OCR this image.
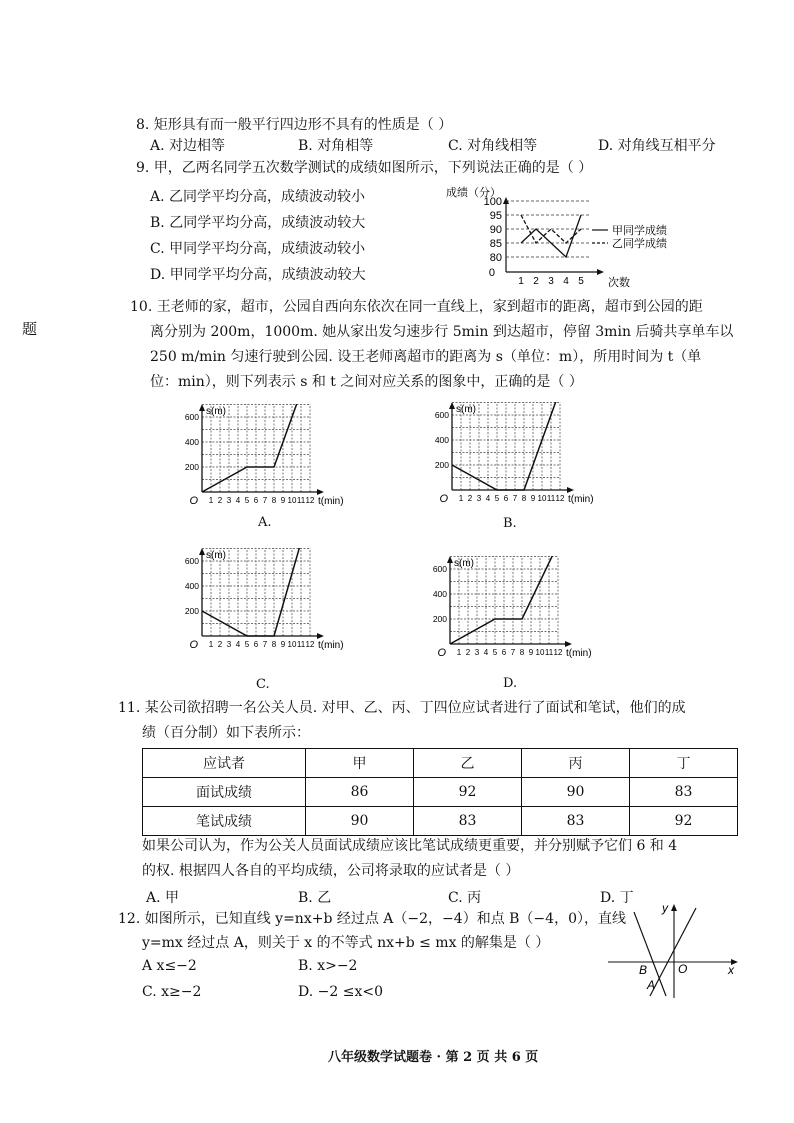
题
8. 矩形具有而一般平行四边形不具有的性质是（ ）
A. 对边相等	B. 对角相等	C. 对角线相等	D. 对角线互相平分
9. 甲，乙两名同学五次数学测试的成绩如图所示，下列说法正确的是（ ）
A. 乙同学平均分高，成绩波动较小
B. 乙同学平均分高，成绩波动较大
C. 甲同学平均分高，成绩波动较小
D. 甲同学平均分高，成绩波动较大
成绩（分）
0
次数
100
95
90
85
80
1 2 3 4 5
甲同学成绩
乙同学成绩
10. 王老师的家，超市，公园自西向东依次在同一直线上，家到超市的距离，超市到公园的距
离分别为 200m，1000m. 她从家出发匀速步行 5min 到达超市，停留 3min 后骑共享单车以
250 m/min 匀速行驶到公园. 设王老师离超市的距离为 s（单位：m），所用时间为 t（单
位：min），则下列表示 s 和 t 之间对应关系的图象中，正确的是（ ）
s(m)
t(min)
O
600
400
200
1 2 3 4 5 6 7 8 9 10 11 12
A.
s(m)
t(min)
O
600
400
200
1 2 3 4 5 6 7 8 9 10 11 12
B.
s(m)
t(min)
O
600
400
200
1 2 3 4 5 6 7 8 9 10 11 12
C.
s(m)
t(min)
O
600
400
200
1 2 3 4 5 6 7 8 9 10 11 12
D.
11. 某公司欲招聘一名公关人员. 对甲、乙、丙、丁四位应试者进行了面试和笔试，他们的成
绩（百分制）如下表所示：
应试者	甲	乙	丙	丁
面试成绩	86	92	90	83
笔试成绩	90	83	83	92
如果公司认为，作为公关人员面试成绩应该比笔试成绩更重要，并分别赋予它们 6 和 4
的权. 根据四人各自的平均成绩，公司将录取的应试者是（ ）
A. 甲	B. 乙	C. 丙	D. 丁
12. 如图所示，已知直线 y=nx+b 经过点 A（−2，−4）和点 B（−4，0），直线
y=mx 经过点 A，则关于 x 的不等式 nx+b ≤ mx 的解集是（ ）
A x≤−2	B. x>−2
C. x≥−2	D. −2 ≤x<0
x
y
B	O
A
八年级数学试题卷 · 第 2 页 共 6 页
